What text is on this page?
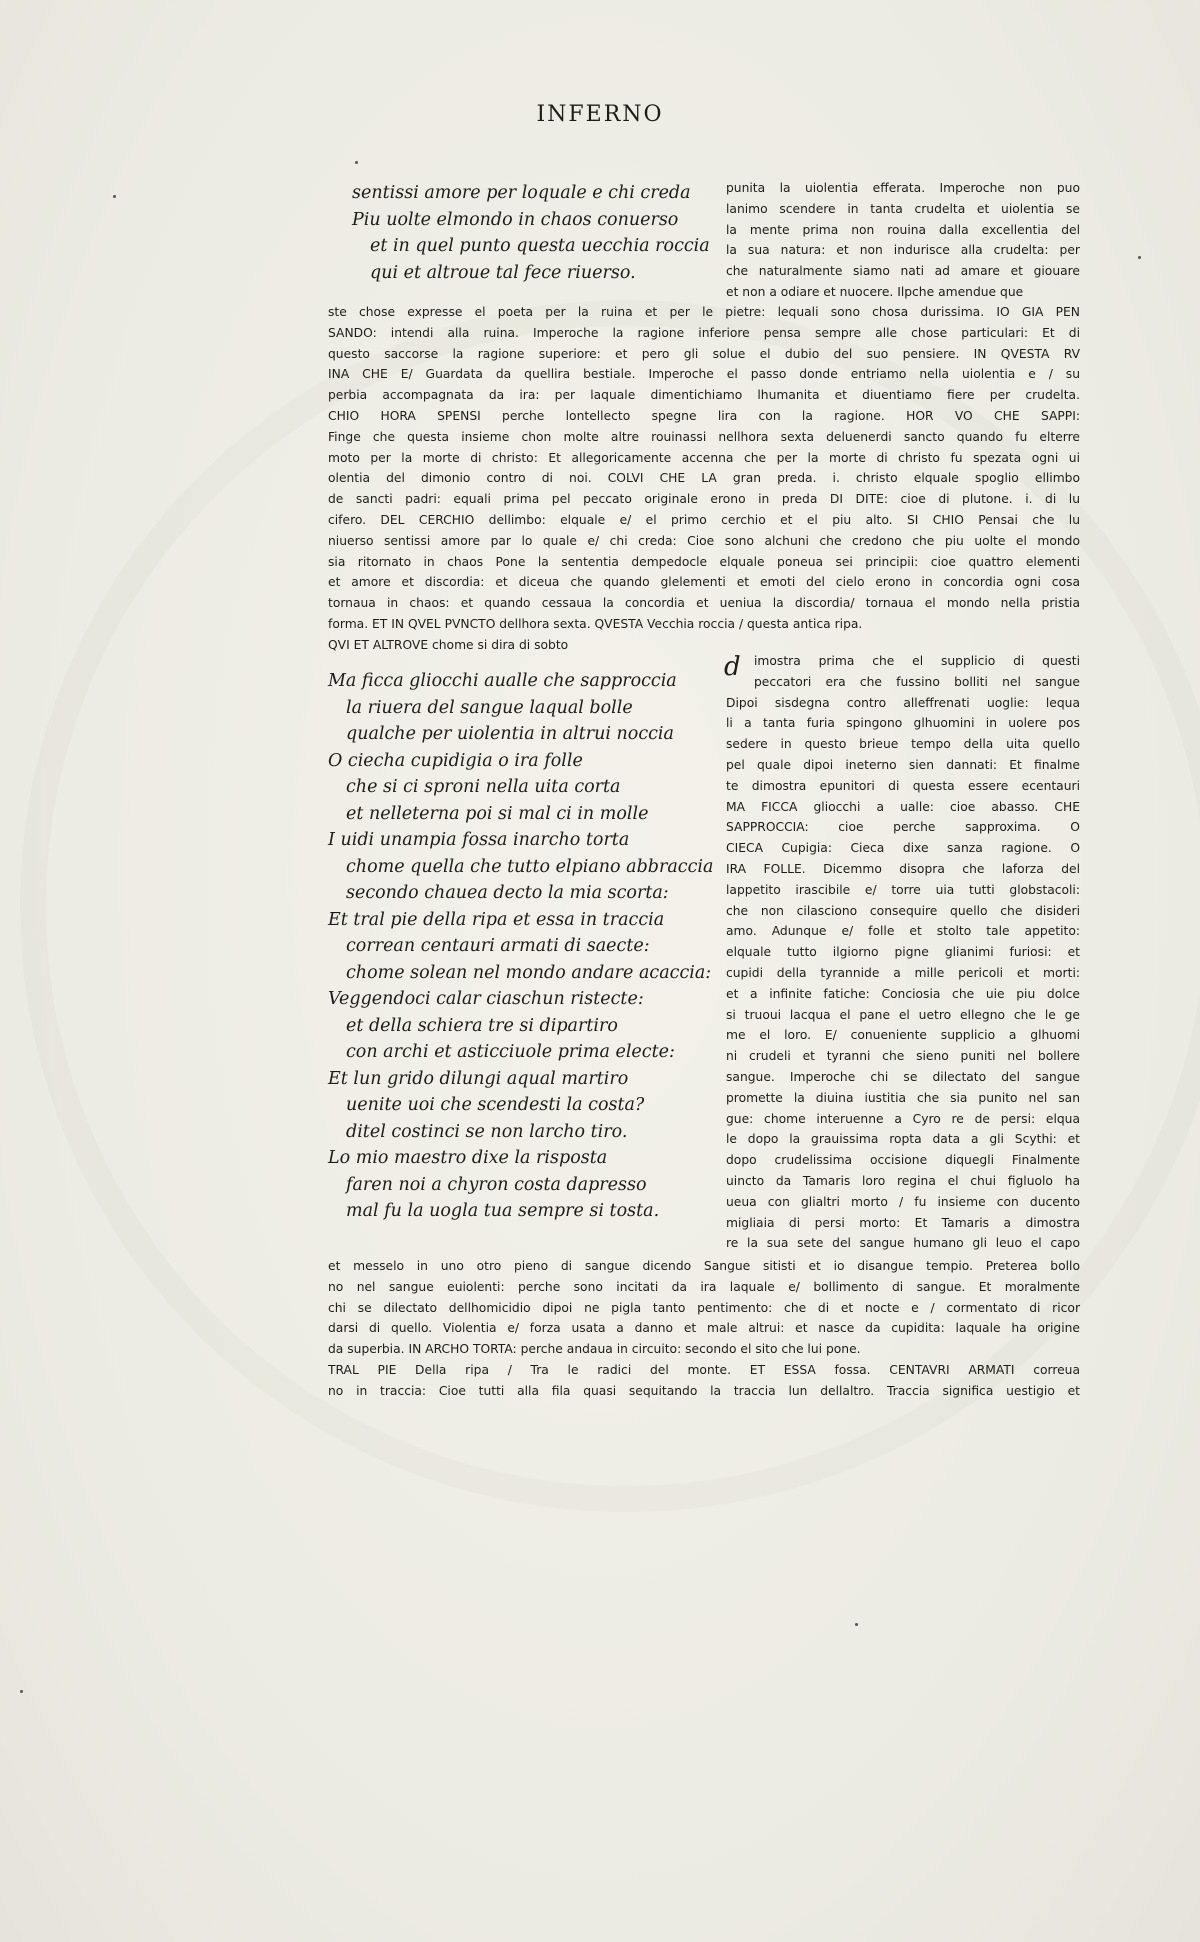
INFERNO
sentissi amore per loquale e chi creda
Piu uolte elmondo in chaos conuerso
et in quel punto questa uecchia roccia
qui et altroue tal fece riuerso.
punita la uiolentia efferata. Imperoche non puo
lanimo scendere in tanta crudelta et uiolentia se
la mente prima non rouina dalla excellentia del
la sua natura: et non indurisce alla crudelta: per
che naturalmente siamo nati ad amare et giouare
et non a odiare et nuocere. Ilpche amendue que
ste chose expresse el poeta per la ruina et per le pietre: lequali sono chosa durissima. IO GIA PEN
SANDO: intendi alla ruina. Imperoche la ragione inferiore pensa sempre alle chose particulari: Et di
questo saccorse la ragione superiore: et pero gli solue el dubio del suo pensiere. IN QVESTA RV
INA CHE E/ Guardata da quellira bestiale. Imperoche el passo donde entriamo nella uiolentia e / su
perbia accompagnata da ira: per laquale dimentichiamo lhumanita et diuentiamo fiere per crudelta.
CHIO HORA SPENSI perche lontellecto spegne lira con la ragione. HOR VO CHE SAPPI:
Finge che questa insieme chon molte altre rouinassi nellhora sexta deluenerdi sancto quando fu elterre
moto per la morte di christo: Et allegoricamente accenna che per la morte di christo fu spezata ogni ui
olentia del dimonio contro di noi. COLVI CHE LA gran preda. i. christo elquale spoglio ellimbo
de sancti padri: equali prima pel peccato originale erono in preda DI DITE: cioe di plutone. i. di lu
cifero. DEL CERCHIO dellimbo: elquale e/ el primo cerchio et el piu alto. SI CHIO Pensai che lu
niuerso sentissi amore par lo quale e/ chi creda: Cioe sono alchuni che credono che piu uolte el mondo
sia ritornato in chaos Pone la sententia dempedocle elquale poneua sei principii: cioe quattro elementi
et amore et discordia: et diceua che quando glelementi et emoti del cielo erono in concordia ogni cosa
tornaua in chaos: et quando cessaua la concordia et ueniua la discordia/ tornaua el mondo nella pristia
forma. ET IN QVEL PVNCTO dellhora sexta. QVESTA Vecchia roccia / questa antica ripa.
QVI ET ALTROVE chome si dira di sobto
d
Ma ficca gliocchi aualle che sapproccia
la riuera del sangue laqual bolle
qualche per uiolentia in altrui noccia
O ciecha cupidigia o ira folle
che si ci sproni nella uita corta
et nelleterna poi si mal ci in molle
I uidi unampia fossa inarcho torta
chome quella che tutto elpiano abbraccia
secondo chauea decto la mia scorta:
Et tral pie della ripa et essa in traccia
correan centauri armati di saecte:
chome solean nel mondo andare acaccia:
Veggendoci calar ciaschun ristecte:
et della schiera tre si dipartiro
con archi et asticciuole prima electe:
Et lun grido dilungi aqual martiro
uenite uoi che scendesti la costa?
ditel costinci se non larcho tiro.
Lo mio maestro dixe la risposta
faren noi a chyron costa dapresso
mal fu la uogla tua sempre si tosta.
imostra prima che el supplicio di questi
peccatori era che fussino bolliti nel sangue
Dipoi sisdegna contro alleffrenati uoglie: lequa
li a tanta furia spingono glhuomini in uolere pos
sedere in questo brieue tempo della uita quello
pel quale dipoi ineterno sien dannati: Et finalme
te dimostra epunitori di questa essere ecentauri
MA FICCA gliocchi a ualle: cioe abasso. CHE
SAPPROCCIA: cioe perche sapproxima. O
CIECA Cupigia: Cieca dixe sanza ragione. O
IRA FOLLE. Dicemmo disopra che laforza del
lappetito irascibile e/ torre uia tutti globstacoli:
che non cilasciono consequire quello che disideri
amo. Adunque e/ folle et stolto tale appetito:
elquale tutto ilgiorno pigne glianimi furiosi: et
cupidi della tyrannide a mille pericoli et morti:
et a infinite fatiche: Conciosia che uie piu dolce
si truoui lacqua el pane el uetro ellegno che le ge
me el loro. E/ conueniente supplicio a glhuomi
ni crudeli et tyranni che sieno puniti nel bollere
sangue. Imperoche chi se dilectato del sangue
promette la diuina iustitia che sia punito nel san
gue: chome interuenne a Cyro re de persi: elqua
le dopo la grauissima ropta data a gli Scythi: et
dopo crudelissima occisione diquegli Finalmente
uincto da Tamaris loro regina el chui figluolo ha
ueua con glialtri morto / fu insieme con ducento
migliaia di persi morto: Et Tamaris a dimostra
re la sua sete del sangue humano gli leuo el capo
et messelo in uno otro pieno di sangue dicendo Sangue sitisti et io disangue tempio. Preterea bollo
no nel sangue euiolenti: perche sono incitati da ira laquale e/ bollimento di sangue. Et moralmente
chi se dilectato dellhomicidio dipoi ne pigla tanto pentimento: che di et nocte e / cormentato di ricor
darsi di quello. Violentia e/ forza usata a danno et male altrui: et nasce da cupidita: laquale ha origine
da superbia. IN ARCHO TORTA: perche andaua in circuito: secondo el sito che lui pone.
TRAL PIE Della ripa / Tra le radici del monte. ET ESSA fossa. CENTAVRI ARMATI correua
no in traccia: Cioe tutti alla fila quasi sequitando la traccia lun dellaltro. Traccia significa uestigio et
